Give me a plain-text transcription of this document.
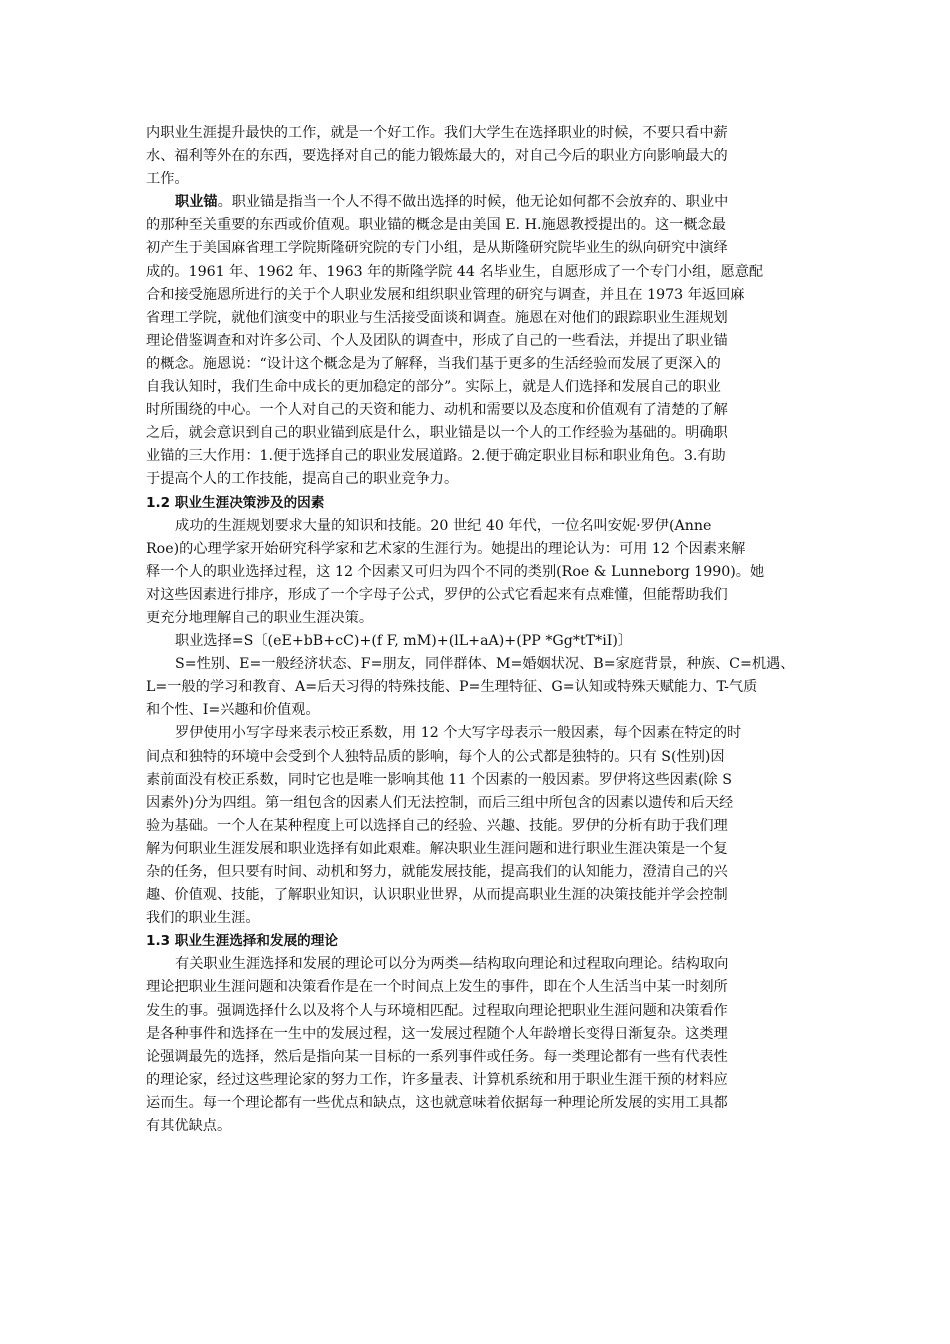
内职业生涯提升最快的工作，就是一个好工作。我们大学生在选择职业的时候，不要只看中薪
水、福利等外在的东西，要选择对自己的能力锻炼最大的，对自己今后的职业方向影响最大的
工作。
职业锚。职业锚是指当一个人不得不做出选择的时候，他无论如何都不会放弃的、职业中
的那种至关重要的东西或价值观。职业锚的概念是由美国 E. H.施恩教授提出的。这一概念最
初产生于美国麻省理工学院斯隆研究院的专门小组，是从斯隆研究院毕业生的纵向研究中演绎
成的。1961 年、1962 年、1963 年的斯隆学院 44 名毕业生，自愿形成了一个专门小组，愿意配
合和接受施恩所进行的关于个人职业发展和组织职业管理的研究与调查，并且在 1973 年返回麻
省理工学院，就他们演变中的职业与生活接受面谈和调查。施恩在对他们的跟踪职业生涯规划
理论借鉴调查和对许多公司、个人及团队的调查中，形成了自己的一些看法，并提出了职业锚
的概念。施恩说：“设计这个概念是为了解释，当我们基于更多的生活经验而发展了更深入的
自我认知时，我们生命中成长的更加稳定的部分”。实际上，就是人们选择和发展自己的职业
时所围绕的中心。一个人对自己的天资和能力、动机和需要以及态度和价值观有了清楚的了解
之后，就会意识到自己的职业锚到底是什么，职业锚是以一个人的工作经验为基础的。明确职
业锚的三大作用：1.便于选择自己的职业发展道路。2.便于确定职业目标和职业角色。3.有助
于提高个人的工作技能，提高自己的职业竞争力。
1.2 职业生涯决策涉及的因素
成功的生涯规划要求大量的知识和技能。20 世纪 40 年代，一位名叫安妮·罗伊(Anne
Roe)的心理学家开始研究科学家和艺术家的生涯行为。她提出的理论认为：可用 12 个因素来解
释一个人的职业选择过程，这 12 个因素又可归为四个不同的类别(Roe & Lunneborg 1990)。她
对这些因素进行排序，形成了一个字母子公式，罗伊的公式它看起来有点难懂，但能帮助我们
更充分地理解自己的职业生涯决策。
职业选择=S〔(eE+bB+cC)+(f F, mM)+(lL+aA)+(PP *Gg*tT*iI)〕
S=性别、E=一般经济状态、F=朋友，同伴群体、M=婚姻状况、B=家庭背景，种族、C=机遇、
L=一般的学习和教育、A=后天习得的特殊技能、P=生理特征、G=认知或特殊天赋能力、T-气质
和个性、I=兴趣和价值观。
罗伊使用小写字母来表示校正系数，用 12 个大写字母表示一般因素，每个因素在特定的时
间点和独特的环境中会受到个人独特品质的影响，每个人的公式都是独特的。只有 S(性别)因
素前面没有校正系数，同时它也是唯一影响其他 11 个因素的一般因素。罗伊将这些因素(除 S
因素外)分为四组。第一组包含的因素人们无法控制，而后三组中所包含的因素以遗传和后天经
验为基础。一个人在某种程度上可以选择自己的经验、兴趣、技能。罗伊的分析有助于我们理
解为何职业生涯发展和职业选择有如此艰难。解决职业生涯问题和进行职业生涯决策是一个复
杂的任务，但只要有时间、动机和努力，就能发展技能，提高我们的认知能力，澄清自己的兴
趣、价值观、技能，了解职业知识，认识职业世界，从而提高职业生涯的决策技能并学会控制
我们的职业生涯。
1.3 职业生涯选择和发展的理论
有关职业生涯选择和发展的理论可以分为两类—结构取向理论和过程取向理论。结构取向
理论把职业生涯问题和决策看作是在一个时间点上发生的事件，即在个人生活当中某一时刻所
发生的事。强调选择什么以及将个人与环境相匹配。过程取向理论把职业生涯问题和决策看作
是各种事件和选择在一生中的发展过程，这一发展过程随个人年龄增长变得日渐复杂。这类理
论强调最先的选择，然后是指向某一目标的一系列事件或任务。每一类理论都有一些有代表性
的理论家，经过这些理论家的努力工作，许多量表、计算机系统和用于职业生涯干预的材料应
运而生。每一个理论都有一些优点和缺点，这也就意味着依据每一种理论所发展的实用工具都
有其优缺点。
